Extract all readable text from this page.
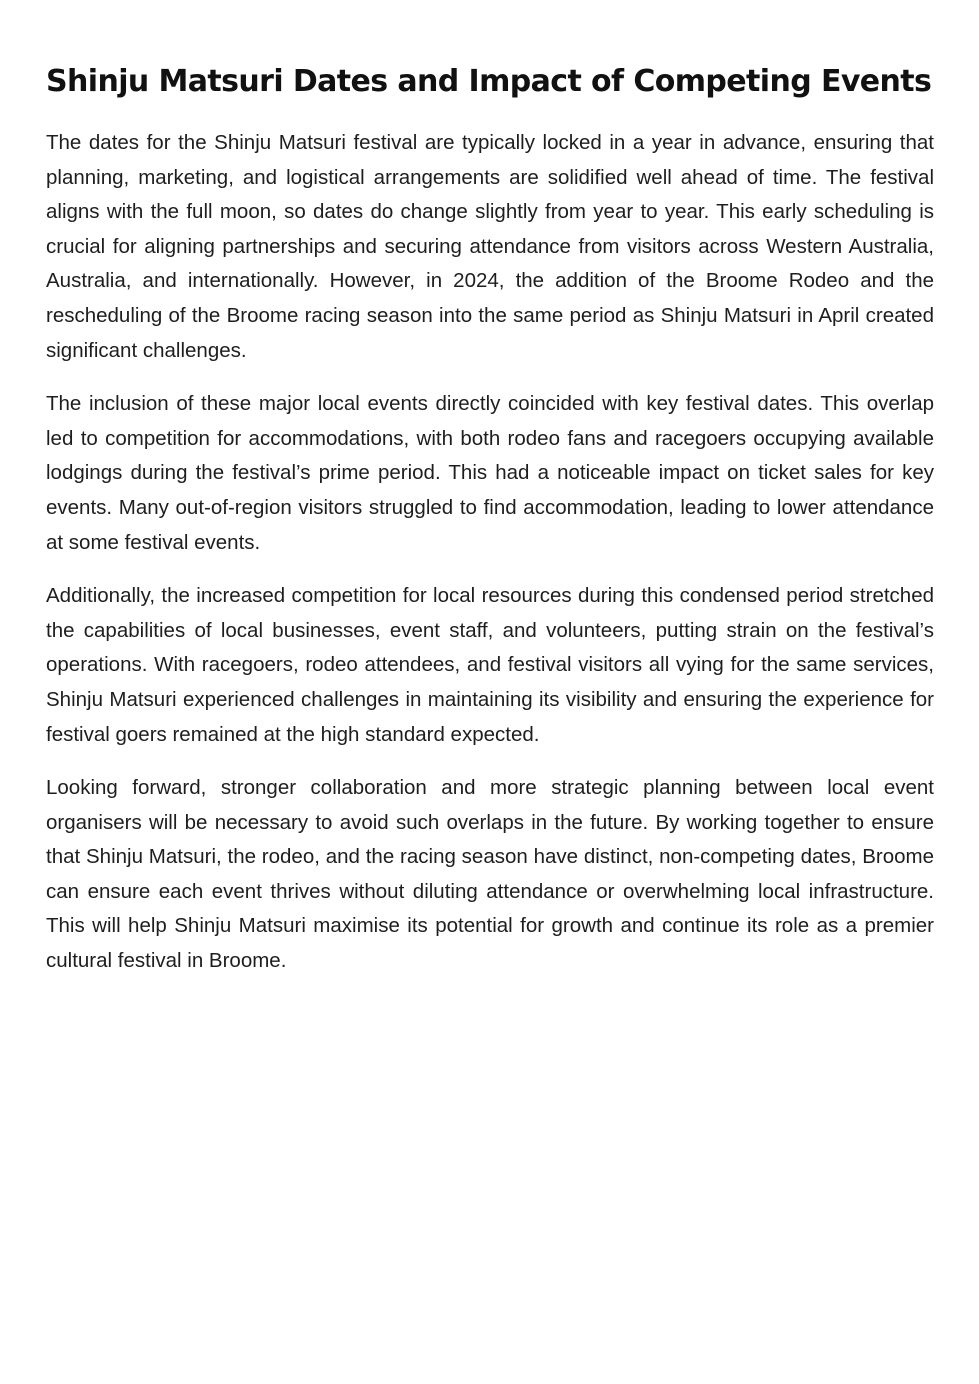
Shinju Matsuri Dates and Impact of Competing Events

The dates for the Shinju Matsuri festival are typically locked in a year in advance, ensuring that planning, marketing, and logistical arrangements are solidified well ahead of time. The festival aligns with the full moon, so dates do change slightly from year to year. This early scheduling is crucial for aligning partnerships and securing attendance from visitors across Western Australia, Australia, and internationally. However, in 2024, the addition of the Broome Rodeo and the rescheduling of the Broome racing season into the same period as Shinju Matsuri in April created significant challenges.

The inclusion of these major local events directly coincided with key festival dates. This overlap led to competition for accommodations, with both rodeo fans and racegoers occupying available lodgings during the festival’s prime period. This had a noticeable impact on ticket sales for key events. Many out-of-region visitors struggled to find accommodation, leading to lower attendance at some festival events.

Additionally, the increased competition for local resources during this condensed period stretched the capabilities of local businesses, event staff, and volunteers, putting strain on the festival’s operations. With racegoers, rodeo attendees, and festival visitors all vying for the same services, Shinju Matsuri experienced challenges in maintaining its visibility and ensuring the experience for festival goers remained at the high standard expected.

Looking forward, stronger collaboration and more strategic planning between local event organisers will be necessary to avoid such overlaps in the future. By working together to ensure that Shinju Matsuri, the rodeo, and the racing season have distinct, non-competing dates, Broome can ensure each event thrives without diluting attendance or overwhelming local infrastructure. This will help Shinju Matsuri maximise its potential for growth and continue its role as a premier cultural festival in Broome.
